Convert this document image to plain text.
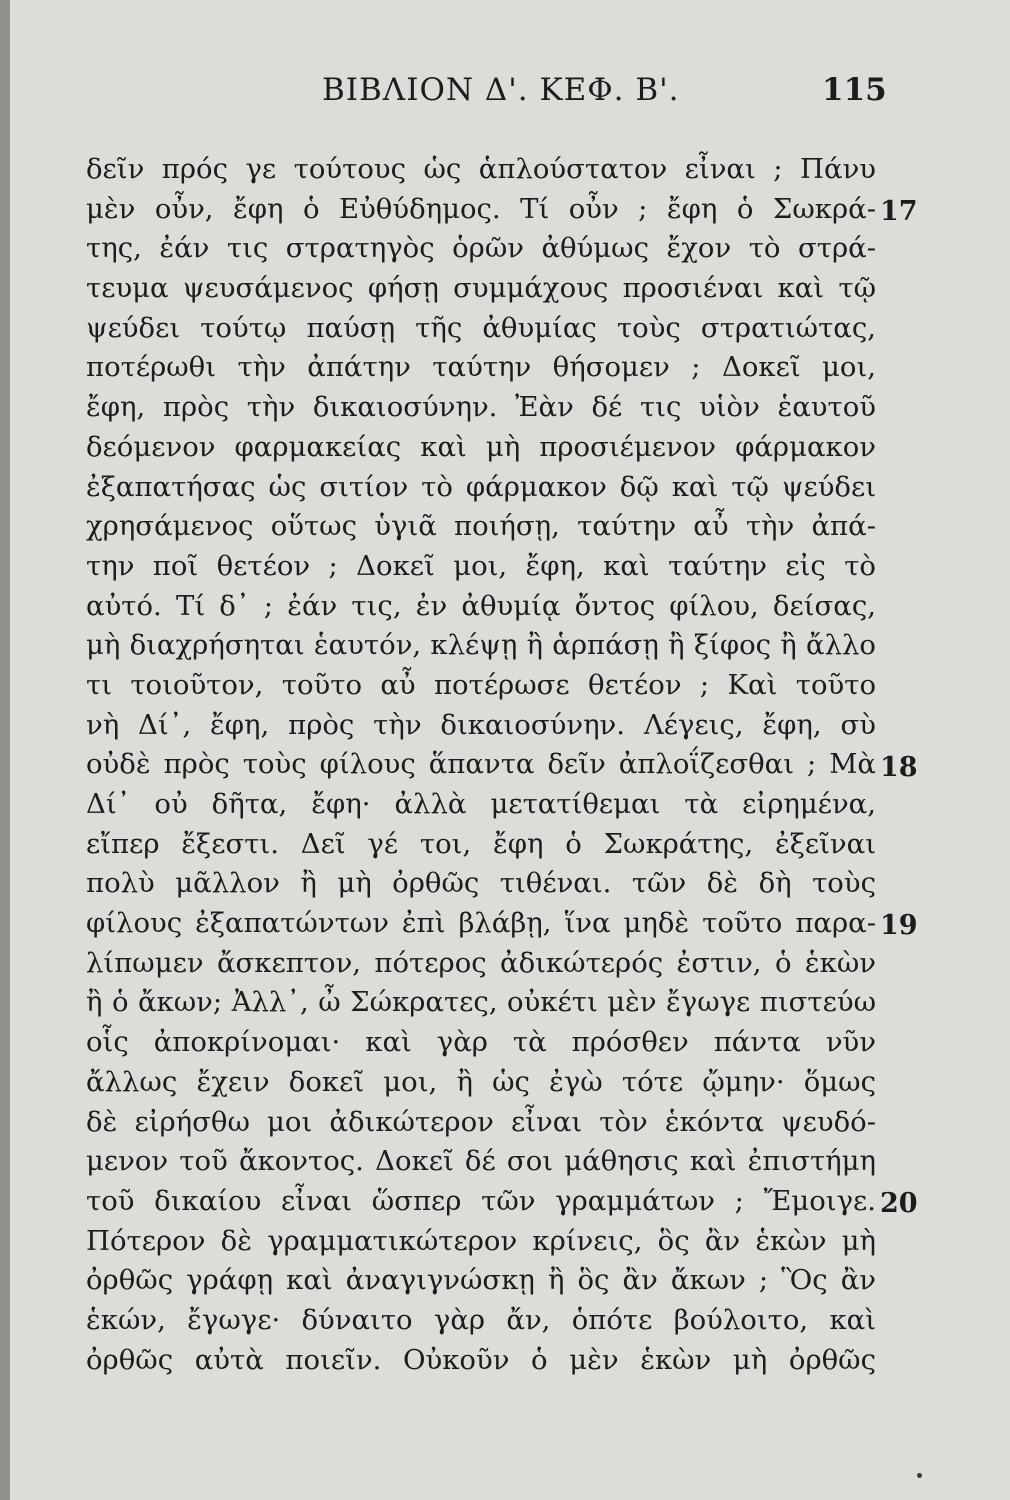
ΒΙΒΛΙΟΝ Δ'. ΚΕΦ. Β'.	115
δεῖν πρός γε τούτους ὡς ἁπλούστατον εἶναι ; Πάνυ
μὲν οὖν, ἔφη ὁ Εὐθύδημος. Τί οὖν ; ἔφη ὁ Σωκρά-
της, ἐάν τις στρατηγὸς ὁρῶν ἀθύμως ἔχον τὸ στρά-
τευμα ψευσάμενος φήσῃ συμμάχους προσιέναι καὶ τῷ
ψεύδει τούτῳ παύσῃ τῆς ἀθυμίας τοὺς στρατιώτας,
ποτέρωθι τὴν ἀπάτην ταύτην θήσομεν ; Δοκεῖ μοι,
ἔφη, πρὸς τὴν δικαιοσύνην. Ἐὰν δέ τις υἱὸν ἑαυτοῦ
δεόμενον φαρμακείας καὶ μὴ προσιέμενον φάρμακον
ἐξαπατήσας ὡς σιτίον τὸ φάρμακον δῷ καὶ τῷ ψεύδει
χρησάμενος οὕτως ὑγιᾶ ποιήσῃ, ταύτην αὖ τὴν ἀπά-
την ποῖ θετέον ; Δοκεῖ μοι, ἔφη, καὶ ταύτην εἰς τὸ
αὐτό. Τί δ᾿ ; ἐάν τις, ἐν ἀθυμίᾳ ὄντος φίλου, δείσας,
μὴ διαχρήσηται ἑαυτόν, κλέψῃ ἢ ἁρπάσῃ ἢ ξίφος ἢ ἄλλο
τι τοιοῦτον, τοῦτο αὖ ποτέρωσε θετέον ; Καὶ τοῦτο
νὴ Δί᾿, ἔφη, πρὸς τὴν δικαιοσύνην. Λέγεις, ἔφη, σὺ
οὐδὲ πρὸς τοὺς φίλους ἅπαντα δεῖν ἀπλοΐζεσθαι ; Μὰ
Δί᾿ οὐ δῆτα, ἔφη· ἀλλὰ μετατίθεμαι τὰ εἰρημένα,
εἴπερ ἔξεστι. Δεῖ γέ τοι, ἔφη ὁ Σωκράτης, ἐξεῖναι
πολὺ μᾶλλον ἢ μὴ ὀρθῶς τιθέναι. τῶν δὲ δὴ τοὺς
φίλους ἐξαπατώντων ἐπὶ βλάβῃ, ἵνα μηδὲ τοῦτο παρα-
λίπωμεν ἄσκεπτον, πότερος ἀδικώτερός ἐστιν, ὁ ἑκὼν
ἢ ὁ ἄκων; Ἀλλ᾿, ὦ Σώκρατες, οὐκέτι μὲν ἔγωγε πιστεύω
οἷς ἀποκρίνομαι· καὶ γὰρ τὰ πρόσθεν πάντα νῦν
ἄλλως ἔχειν δοκεῖ μοι, ἢ ὡς ἐγὼ τότε ᾤμην· ὅμως
δὲ εἰρήσθω μοι ἀδικώτερον εἶναι τὸν ἑκόντα ψευδό-
μενον τοῦ ἄκοντος. Δοκεῖ δέ σοι μάθησις καὶ ἐπιστήμη
τοῦ δικαίου εἶναι ὥσπερ τῶν γραμμάτων ; Ἔμοιγε.
Πότερον δὲ γραμματικώτερον κρίνεις, ὃς ἂν ἑκὼν μὴ
ὀρθῶς γράφῃ καὶ ἀναγιγνώσκῃ ἢ ὃς ἂν ἄκων ; Ὃς ἂν
ἑκών, ἔγωγε· δύναιτο γὰρ ἄν, ὁπότε βούλοιτο, καὶ
ὀρθῶς αὐτὰ ποιεῖν. Οὐκοῦν ὁ μὲν ἑκὼν μὴ ὀρθῶς
17
18
19
20
